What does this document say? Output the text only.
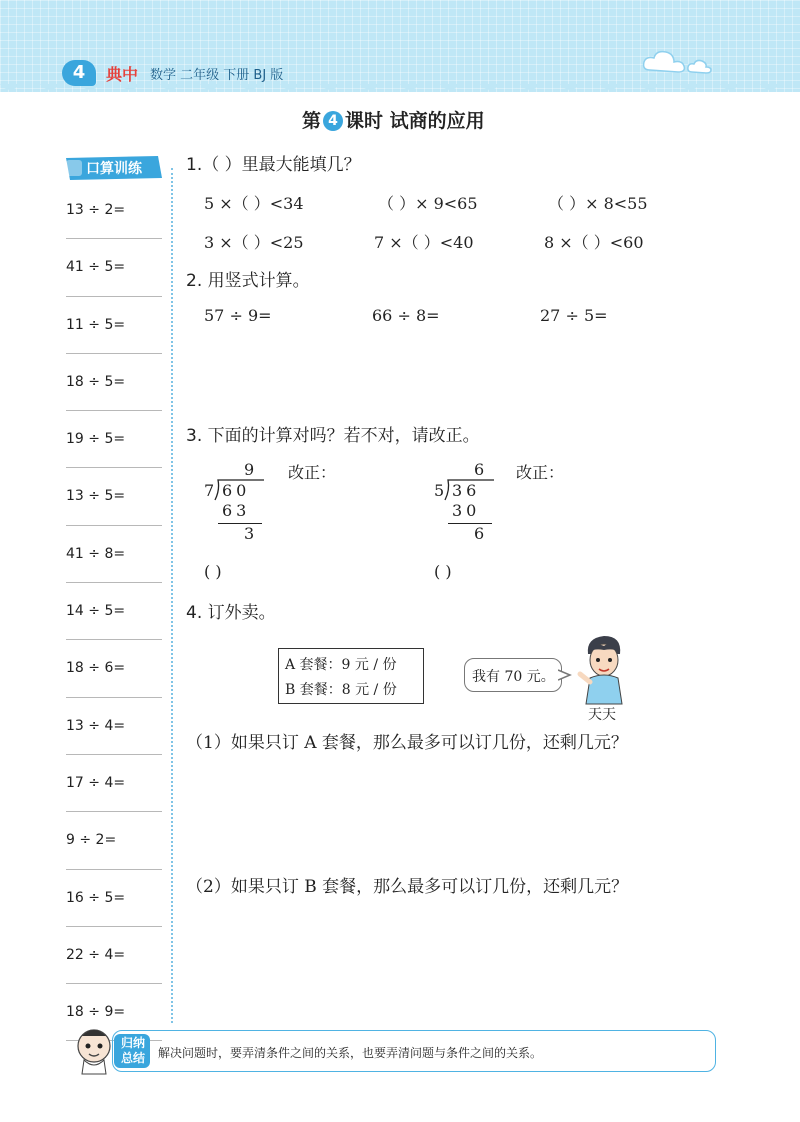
4	典中 数学 二年级 下册 BJ 版
第 4 课时 试商的应用
口算训练
13 ÷ 2=
41 ÷ 5=
11 ÷ 5=
18 ÷ 5=
19 ÷ 5=
13 ÷ 5=
41 ÷ 8=
14 ÷ 5=
18 ÷ 6=
13 ÷ 4=
17 ÷ 4=
9 ÷ 2=
16 ÷ 5=
22 ÷ 4=
18 ÷ 9=
1.（ ）里最大能填几？
5 ×（ ）<34	（ ）× 9<65	（ ）× 8<55
3 ×（ ）<25	7 ×（ ）<40	8 ×（ ）<60
2. 用竖式计算。
57 ÷ 9=	66 ÷ 8=	27 ÷ 5=
3. 下面的计算对吗？若不对，请改正。
9
7 60
63
3
改正：
( )
6
5 36
30
6
改正：
( )
4. 订外卖。
A 套餐：9 元 / 份
B 套餐：8 元 / 份
我有 70 元。
天天
（1）如果只订 A 套餐，那么最多可以订几份，还剩几元？
（2）如果只订 B 套餐，那么最多可以订几份，还剩几元？
归纳总结 解决问题时，要弄清条件之间的关系，也要弄清问题与条件之间的关系。
